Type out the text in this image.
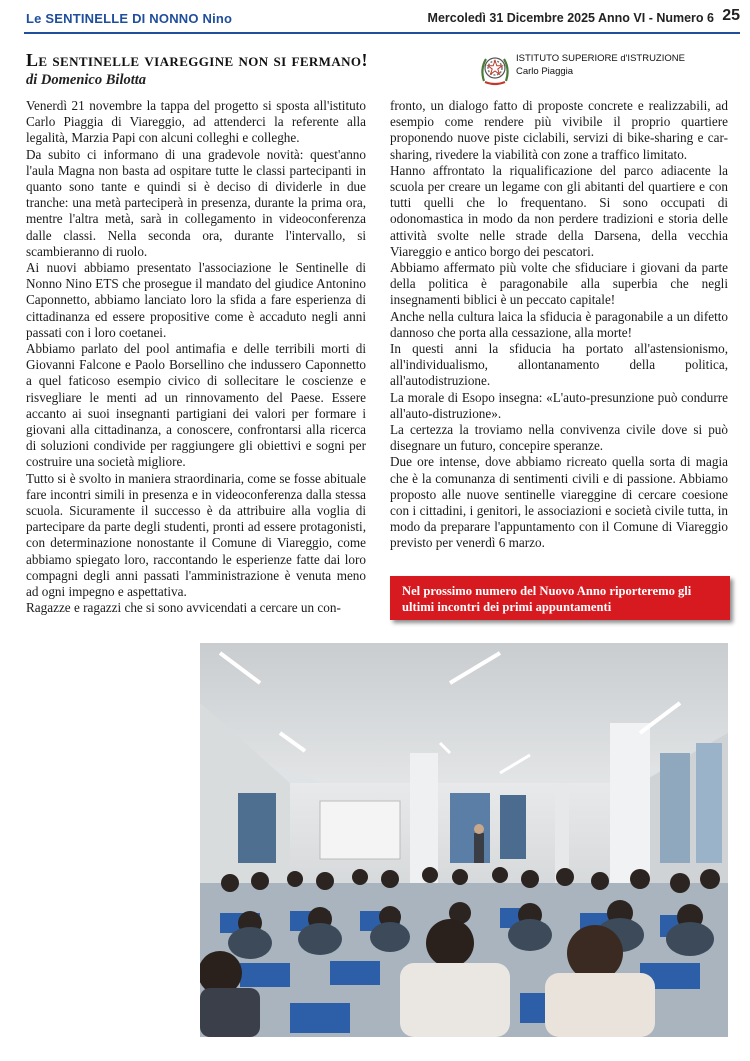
Le SENTINELLE DI NONNO Nino	Mercoledì 31 Dicembre 2025 Anno VI - Numero 6 25
Le sentinelle viareggine non si fermano!
di Domenico Bilotta
ISTITUTO SUPERIORE d'ISTRUZIONE
Carlo Piaggia

Venerdì 21 novembre la tappa del progetto si sposta all'istituto Carlo Piaggia di Viareggio, ad attenderci la referente alla legalità, Marzia Papi con alcuni colleghi e colleghe.

Da subito ci informano di una gradevole novità: quest'anno l'aula Magna non basta ad ospitare tutte le classi partecipanti in quanto sono tante e quindi si è deciso di dividerle in due tranche: una metà parteciperà in presenza, durante la prima ora, mentre l'altra metà, sarà in collegamento in videoconferenza dalle classi. Nella seconda ora, durante l'intervallo, si scambieranno di ruolo.

Ai nuovi abbiamo presentato l'associazione le Sentinelle di Nonno Nino ETS che prosegue il mandato del giudice Antonino Caponnetto, abbiamo lanciato loro la sfida a fare esperienza di cittadinanza ed essere propositive come è accaduto negli anni passati con i loro coetanei.

Abbiamo parlato del pool antimafia e delle terribili morti di Giovanni Falcone e Paolo Borsellino che indussero Caponnetto a quel faticoso esempio civico di sollecitare le coscienze e risvegliare le menti ad un rinnovamento del Paese. Essere accanto ai suoi insegnanti partigiani dei valori per formare i giovani alla cittadinanza, a conoscere, confrontarsi alla ricerca di soluzioni condivide per raggiungere gli obiettivi e sogni per costruire una società migliore.

Tutto si è svolto in maniera straordinaria, come se fosse abituale fare incontri simili in presenza e in videoconferenza dalla stessa scuola. Sicuramente il successo è da attribuire alla voglia di partecipare da parte degli studenti, pronti ad essere protagonisti, con determinazione nonostante il Comune di Viareggio, come abbiamo spiegato loro, raccontando le esperienze fatte dai loro compagni degli anni passati l'amministrazione è venuta meno ad ogni impegno e aspettativa.

Ragazze e ragazzi che si sono avvicendati a cercare un con-

fronto, un dialogo fatto di proposte concrete e realizzabili, ad esempio come rendere più vivibile il proprio quartiere proponendo nuove piste ciclabili, servizi di bike-sharing e car-sharing, rivedere la viabilità con zone a traffico limitato.

Hanno affrontato la riqualificazione del parco adiacente la scuola per creare un legame con gli abitanti del quartiere e con tutti quelli che lo frequentano. Si sono occupati di odonomastica in modo da non perdere tradizioni e storia delle attività svolte nelle strade della Darsena, della vecchia Viareggio e antico borgo dei pescatori.

Abbiamo affermato più volte che sfiduciare i giovani da parte della politica è paragonabile alla superbia che negli insegnamenti biblici è un peccato capitale!

Anche nella cultura laica la sfiducia è paragonabile a un difetto dannoso che porta alla cessazione, alla morte!

In questi anni la sfiducia ha portato all'astensionismo, all'individualismo, allontanamento della politica, all'autodistruzione.

La morale di Esopo insegna: «L'auto-presunzione può condurre all'auto-distruzione».

La certezza la troviamo nella convivenza civile dove si può disegnare un futuro, concepire speranze.

Due ore intense, dove abbiamo ricreato quella sorta di magia che è la comunanza di sentimenti civili e di passione. Abbiamo proposto alle nuove sentinelle viareggine di cercare coesione con i cittadini, i genitori, le associazioni e società civile tutta, in modo da preparare l'appuntamento con il Comune di Viareggio previsto per venerdì 6 marzo.

Nel prossimo numero del Nuovo Anno riporteremo gli ultimi incontri dei primi appuntamenti
